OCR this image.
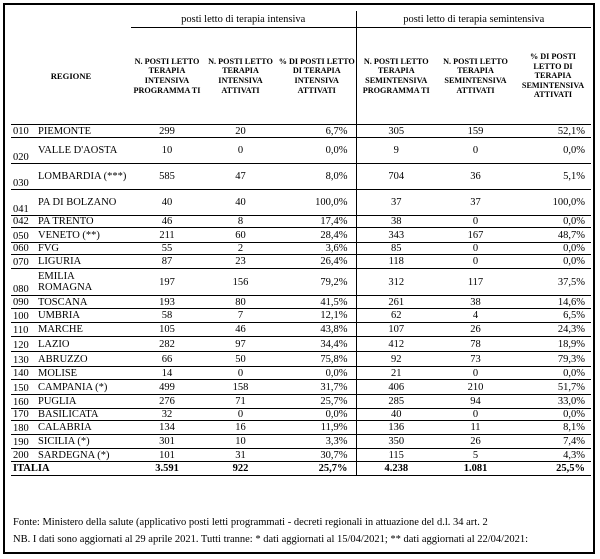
		posti letto di terapia intensiva			posti letto di terapia semintensiva		
REGIONE		N. POSTI LETTO TERAPIA INTENSIVA PROGRAMMA TI	N. POSTI LETTO TERAPIA INTENSIVA ATTIVATI	% DI POSTI LETTO DI TERAPIA INTENSIVA ATTIVATI	N. POSTI LETTO TERAPIA SEMINTENSIVA PROGRAMMA TI	N. POSTI LETTO TERAPIA SEMINTENSIVA ATTIVATI	% DI POSTI LETTO DI TERAPIA SEMINTENSIVA ATTIVATI
010	PIEMONTE	299	20	6,7%	305	159	52,1%
020	VALLE D'AOSTA	10	0	0,0%	9	0	0,0%
030	LOMBARDIA (***)	585	47	8,0%	704	36	5,1%
041	PA DI BOLZANO	40	40	100,0%	37	37	100,0%
042	PA TRENTO	46	8	17,4%	38	0	0,0%
050	VENETO (**)	211	60	28,4%	343	167	48,7%
060	FVG	55	2	3,6%	85	0	0,0%
070	LIGURIA	87	23	26,4%	118	0	0,0%
080	EMILIA ROMAGNA	197	156	79,2%	312	117	37,5%
090	TOSCANA	193	80	41,5%	261	38	14,6%
100	UMBRIA	58	7	12,1%	62	4	6,5%
110	MARCHE	105	46	43,8%	107	26	24,3%
120	LAZIO	282	97	34,4%	412	78	18,9%
130	ABRUZZO	66	50	75,8%	92	73	79,3%
140	MOLISE	14	0	0,0%	21	0	0,0%
150	CAMPANIA (*)	499	158	31,7%	406	210	51,7%
160	PUGLIA	276	71	25,7%	285	94	33,0%
170	BASILICATA	32	0	0,0%	40	0	0,0%
180	CALABRIA	134	16	11,9%	136	11	8,1%
190	SICILIA (*)	301	10	3,3%	350	26	7,4%
200	SARDEGNA (*)	101	31	30,7%	115	5	4,3%
ITALIA		3.591	922	25,7%	4.238	1.081	25,5%
Fonte: Ministero della salute (applicativo posti letti programmati - decreti regionali in attuazione del d.l. 34 art. 2
NB. I dati sono aggiornati al 29 aprile 2021. Tutti tranne: * dati aggiornati al 15/04/2021; ** dati aggiornati al 22/04/2021:
